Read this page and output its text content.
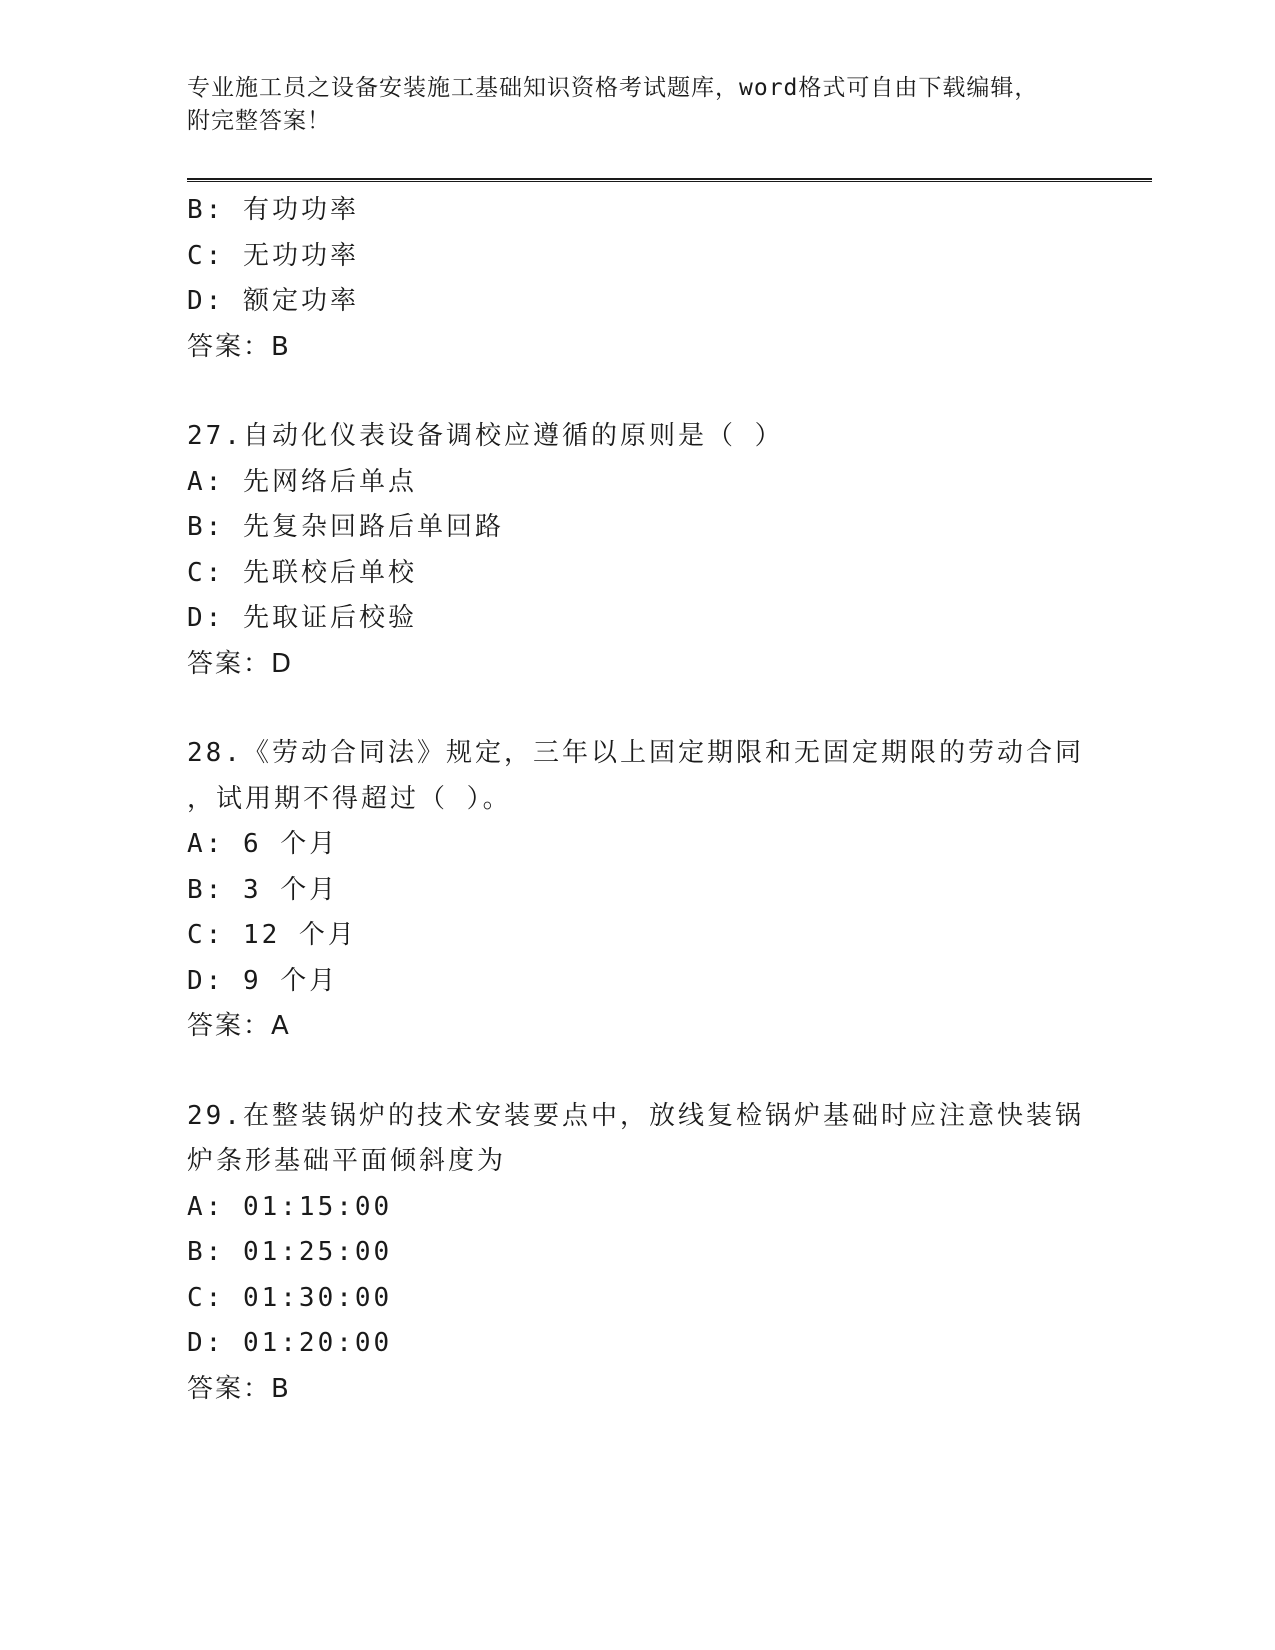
专业施工员之设备安装施工基础知识资格考试题库，word格式可自由下载编辑，
附完整答案！
B: 有功功率
C: 无功功率
D: 额定功率
答案：B
27.自动化仪表设备调校应遵循的原则是（ ）
A: 先网络后单点
B: 先复杂回路后单回路
C: 先联校后单校
D: 先取证后校验
答案：D
28.《劳动合同法》规定，三年以上固定期限和无固定期限的劳动合同
，试用期不得超过（ ）。
A: 6 个月
B: 3 个月
C: 12 个月
D: 9 个月
答案：A
29.在整装锅炉的技术安装要点中，放线复检锅炉基础时应注意快装锅
炉条形基础平面倾斜度为
A: 01:15:00
B: 01:25:00
C: 01:30:00
D: 01:20:00
答案：B
